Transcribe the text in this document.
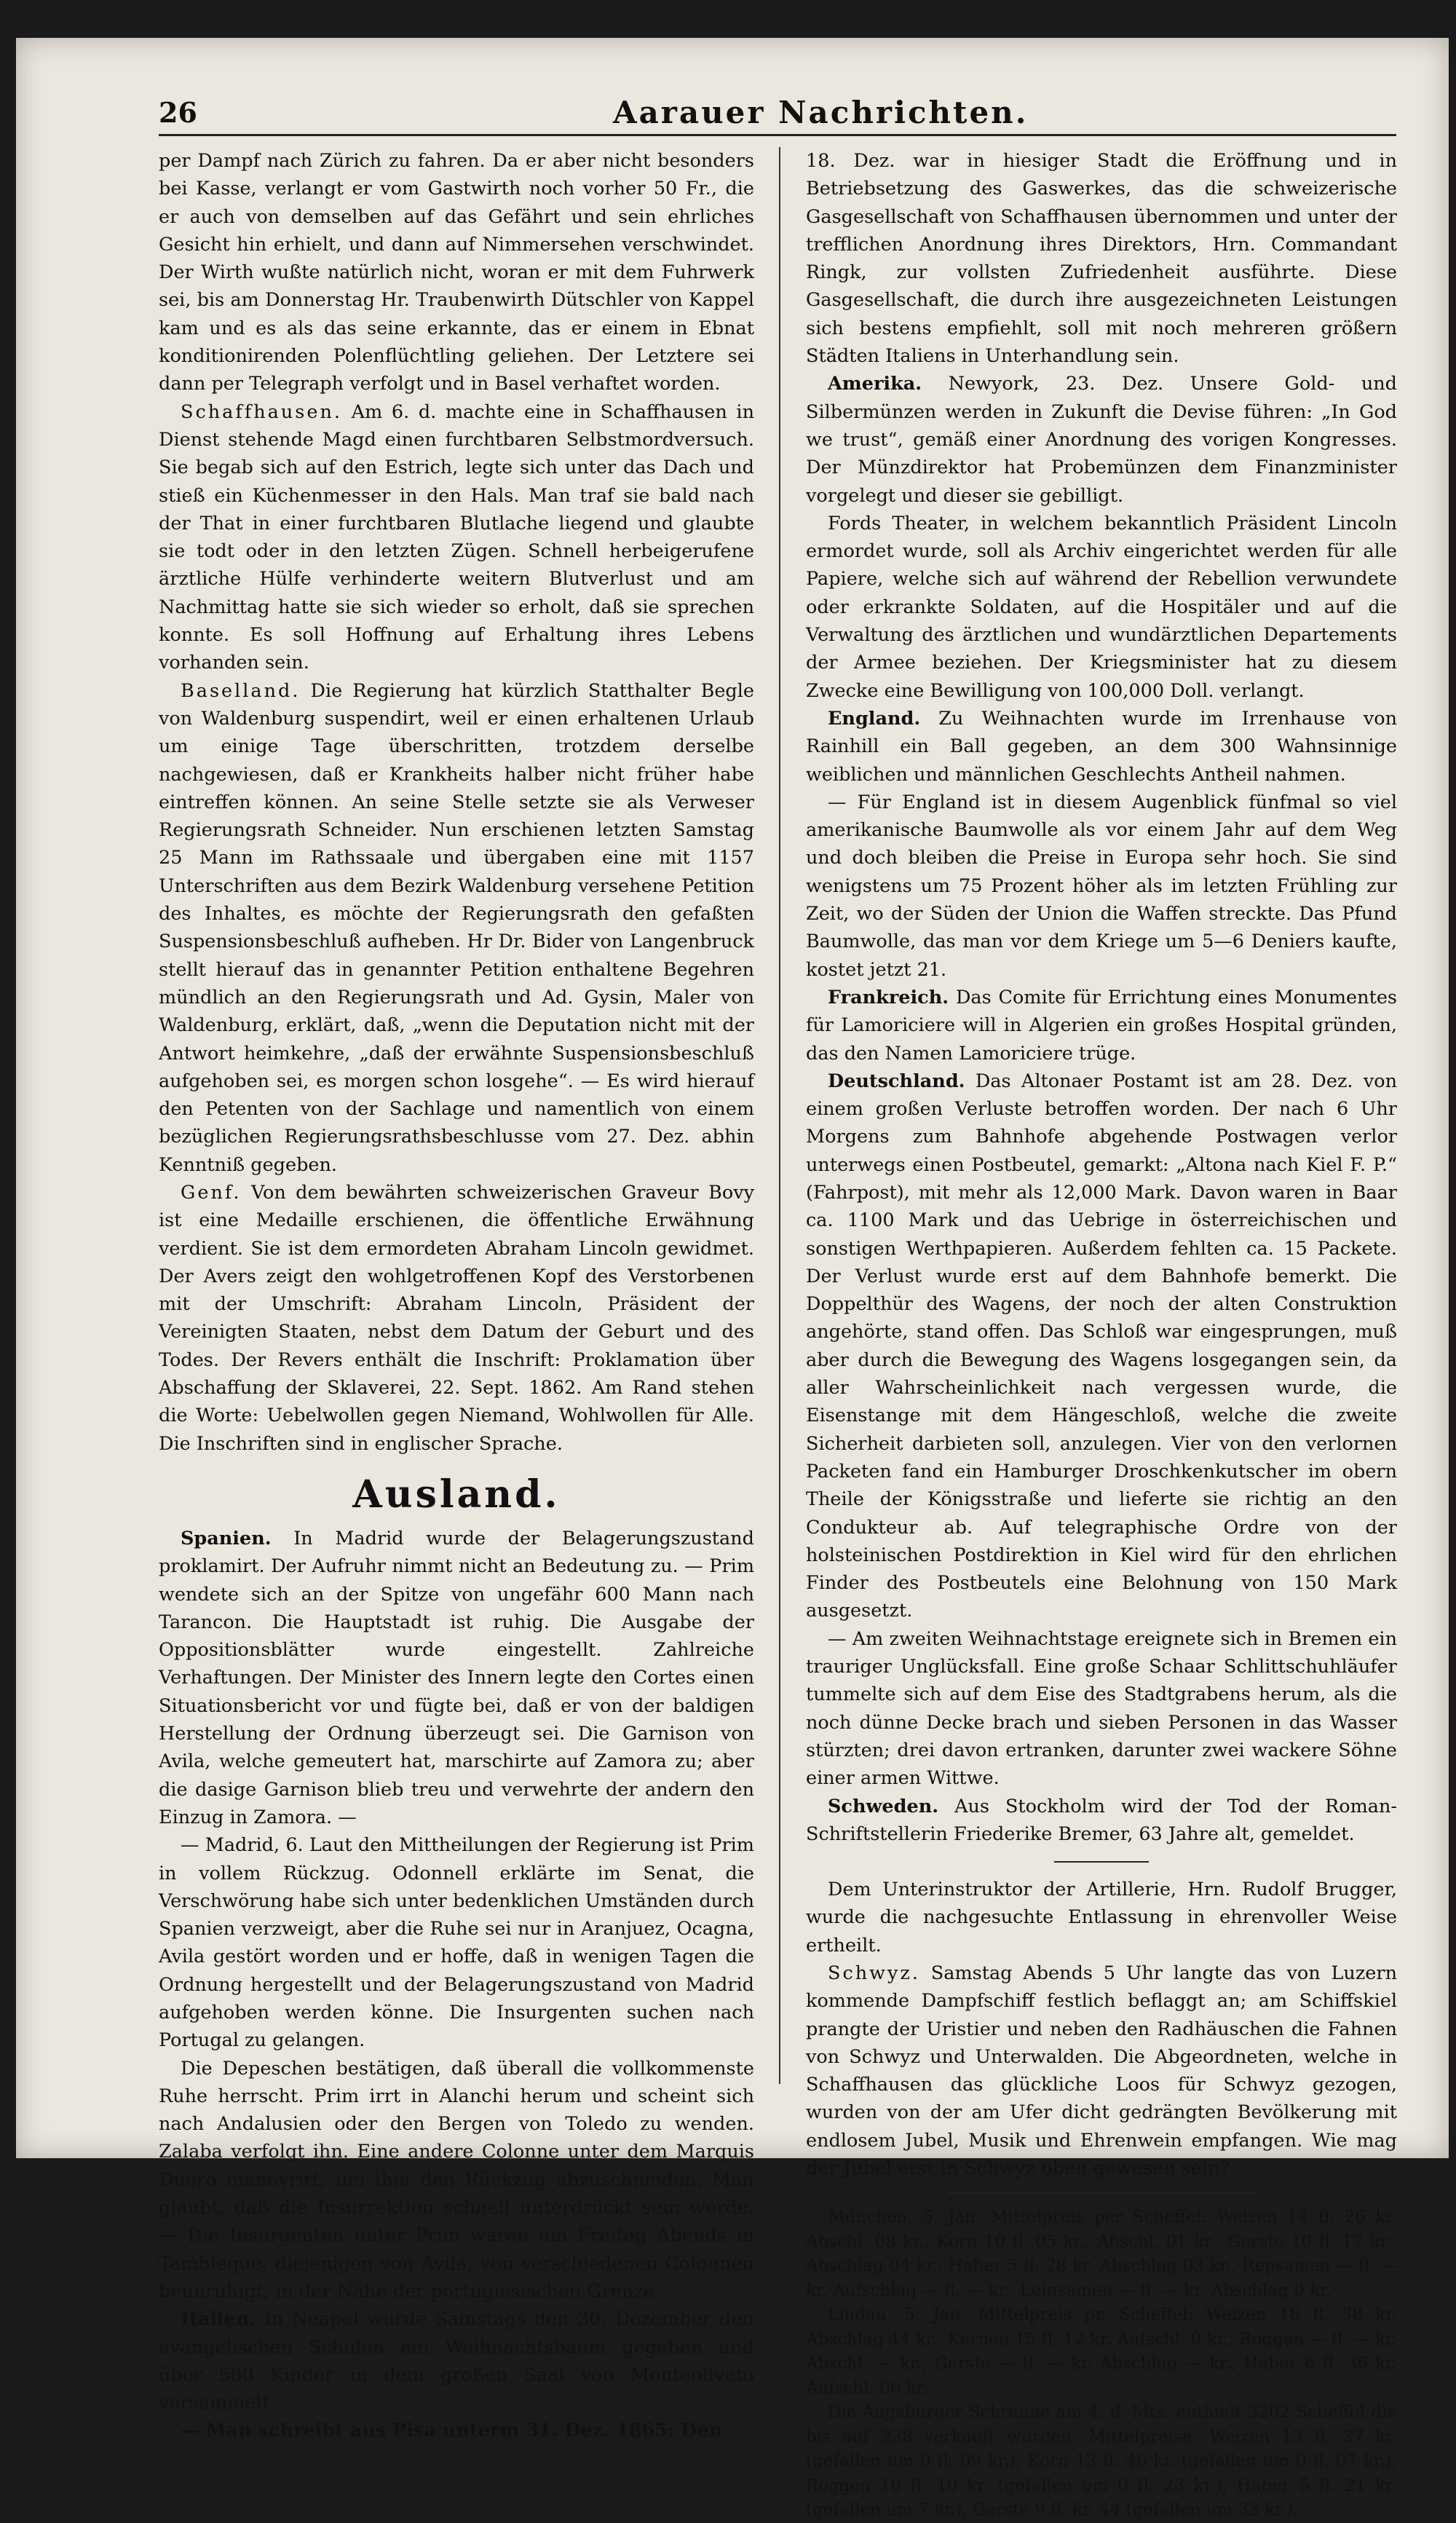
26	Aarauer Nachrichten.

per Dampf nach Zürich zu fahren. Da er aber nicht besonders bei Kasse, verlangt er vom Gastwirth noch vorher 50 Fr., die er auch von demselben auf das Gefährt und sein ehrliches Gesicht hin erhielt, und dann auf Nimmersehen verschwindet. Der Wirth wußte natürlich nicht, woran er mit dem Fuhrwerk sei, bis am Donnerstag Hr. Traubenwirth Dütschler von Kappel kam und es als das seine erkannte, das er einem in Ebnat konditionirenden Polenflüchtling geliehen. Der Letztere sei dann per Telegraph verfolgt und in Basel verhaftet worden.

Schaffhausen. Am 6. d. machte eine in Schaffhausen in Dienst stehende Magd einen furchtbaren Selbstmordversuch. Sie begab sich auf den Estrich, legte sich unter das Dach und stieß ein Küchenmesser in den Hals. Man traf sie bald nach der That in einer furchtbaren Blutlache liegend und glaubte sie todt oder in den letzten Zügen. Schnell herbeigerufene ärztliche Hülfe verhinderte weitern Blutverlust und am Nachmittag hatte sie sich wieder so erholt, daß sie sprechen konnte. Es soll Hoffnung auf Erhaltung ihres Lebens vorhanden sein.

Baselland. Die Regierung hat kürzlich Statthalter Begle von Waldenburg suspendirt, weil er einen erhaltenen Urlaub um einige Tage überschritten, trotzdem derselbe nachgewiesen, daß er Krankheits halber nicht früher habe eintreffen können. An seine Stelle setzte sie als Verweser Regierungsrath Schneider. Nun erschienen letzten Samstag 25 Mann im Rathssaale und übergaben eine mit 1157 Unterschriften aus dem Bezirk Waldenburg versehene Petition des Inhaltes, es möchte der Regierungsrath den gefaßten Suspensionsbeschluß aufheben. Hr Dr. Bider von Langenbruck stellt hierauf das in genannter Petition enthaltene Begehren mündlich an den Regierungsrath und Ad. Gysin, Maler von Waldenburg, erklärt, daß, „wenn die Deputation nicht mit der Antwort heimkehre, „daß der erwähnte Suspensionsbeschluß aufgehoben sei, es morgen schon losgehe“. — Es wird hierauf den Petenten von der Sachlage und namentlich von einem bezüglichen Regierungsrathsbeschlusse vom 27. Dez. abhin Kenntniß gegeben.

Genf. Von dem bewährten schweizerischen Graveur Bovy ist eine Medaille erschienen, die öffentliche Erwähnung verdient. Sie ist dem ermordeten Abraham Lincoln gewidmet. Der Avers zeigt den wohlgetroffenen Kopf des Verstorbenen mit der Umschrift: Abraham Lincoln, Präsident der Vereinigten Staaten, nebst dem Datum der Geburt und des Todes. Der Revers enthält die Inschrift: Proklamation über Abschaffung der Sklaverei, 22. Sept. 1862. Am Rand stehen die Worte: Uebelwollen gegen Niemand, Wohlwollen für Alle. Die Inschriften sind in englischer Sprache.

Ausland.

Spanien. In Madrid wurde der Belagerungszustand proklamirt. Der Aufruhr nimmt nicht an Bedeutung zu. — Prim wendete sich an der Spitze von ungefähr 600 Mann nach Tarancon. Die Hauptstadt ist ruhig. Die Ausgabe der Oppositionsblätter wurde eingestellt. Zahlreiche Verhaftungen. Der Minister des Innern legte den Cortes einen Situationsbericht vor und fügte bei, daß er von der baldigen Herstellung der Ordnung überzeugt sei. Die Garnison von Avila, welche gemeutert hat, marschirte auf Zamora zu; aber die dasige Garnison blieb treu und verwehrte der andern den Einzug in Zamora. —

— Madrid, 6. Laut den Mittheilungen der Regierung ist Prim in vollem Rückzug. Odonnell erklärte im Senat, die Verschwörung habe sich unter bedenklichen Umständen durch Spanien verzweigt, aber die Ruhe sei nur in Aranjuez, Ocagna, Avila gestört worden und er hoffe, daß in wenigen Tagen die Ordnung hergestellt und der Belagerungszustand von Madrid aufgehoben werden könne. Die Insurgenten suchen nach Portugal zu gelangen.

Die Depeschen bestätigen, daß überall die vollkommenste Ruhe herrscht. Prim irrt in Alanchi herum und scheint sich nach Andalusien oder den Bergen von Toledo zu wenden. Zalaba verfolgt ihn. Eine andere Colonne unter dem Marquis Duero manövrirt, um ihm den Rückzug abzuschneiden. Man glaubt, daß die Insurrektion schnell unterdrückt sein werde. — Die Insurgenten unter Prim waren am Freitag Abends in Tambleque, diejenigen von Avila, von verschiedenen Colonnen beunruhigt, in der Nähe der portugiesischen Grenze.

Italien. In Neapel wurde Samstags den 30. Dezember den evangelischen Schulen ein Weihnachtsbaum gegeben und über 500 Kinder in dem großen Saal von Monteoliveto versammelt.

— Man schreibt aus Pisa unterm 31. Dez. 1865: Den

18. Dez. war in hiesiger Stadt die Eröffnung und in Betriebsetzung des Gaswerkes, das die schweizerische Gasgesellschaft von Schaffhausen übernommen und unter der trefflichen Anordnung ihres Direktors, Hrn. Commandant Ringk, zur vollsten Zufriedenheit ausführte. Diese Gasgesellschaft, die durch ihre ausgezeichneten Leistungen sich bestens empfiehlt, soll mit noch mehreren größern Städten Italiens in Unterhandlung sein.

Amerika. Newyork, 23. Dez. Unsere Gold- und Silbermünzen werden in Zukunft die Devise führen: „In God we trust“, gemäß einer Anordnung des vorigen Kongresses. Der Münzdirektor hat Probemünzen dem Finanzminister vorgelegt und dieser sie gebilligt.

Fords Theater, in welchem bekanntlich Präsident Lincoln ermordet wurde, soll als Archiv eingerichtet werden für alle Papiere, welche sich auf während der Rebellion verwundete oder erkrankte Soldaten, auf die Hospitäler und auf die Verwaltung des ärztlichen und wundärztlichen Departements der Armee beziehen. Der Kriegsminister hat zu diesem Zwecke eine Bewilligung von 100,000 Doll. verlangt.

England. Zu Weihnachten wurde im Irrenhause von Rainhill ein Ball gegeben, an dem 300 Wahnsinnige weiblichen und männlichen Geschlechts Antheil nahmen.

— Für England ist in diesem Augenblick fünfmal so viel amerikanische Baumwolle als vor einem Jahr auf dem Weg und doch bleiben die Preise in Europa sehr hoch. Sie sind wenigstens um 75 Prozent höher als im letzten Frühling zur Zeit, wo der Süden der Union die Waffen streckte. Das Pfund Baumwolle, das man vor dem Kriege um 5—6 Deniers kaufte, kostet jetzt 21.

Frankreich. Das Comite für Errichtung eines Monumentes für Lamoriciere will in Algerien ein großes Hospital gründen, das den Namen Lamoriciere trüge.

Deutschland. Das Altonaer Postamt ist am 28. Dez. von einem großen Verluste betroffen worden. Der nach 6 Uhr Morgens zum Bahnhofe abgehende Postwagen verlor unterwegs einen Postbeutel, gemarkt: „Altona nach Kiel F. P.“ (Fahrpost), mit mehr als 12,000 Mark. Davon waren in Baar ca. 1100 Mark und das Uebrige in österreichischen und sonstigen Werthpapieren. Außerdem fehlten ca. 15 Packete. Der Verlust wurde erst auf dem Bahnhofe bemerkt. Die Doppelthür des Wagens, der noch der alten Construktion angehörte, stand offen. Das Schloß war eingesprungen, muß aber durch die Bewegung des Wagens losgegangen sein, da aller Wahrscheinlichkeit nach vergessen wurde, die Eisenstange mit dem Hängeschloß, welche die zweite Sicherheit darbieten soll, anzulegen. Vier von den verlornen Packeten fand ein Hamburger Droschkenkutscher im obern Theile der Königsstraße und lieferte sie richtig an den Condukteur ab. Auf telegraphische Ordre von der holsteinischen Postdirektion in Kiel wird für den ehrlichen Finder des Postbeutels eine Belohnung von 150 Mark ausgesetzt.

— Am zweiten Weihnachtstage ereignete sich in Bremen ein trauriger Unglücksfall. Eine große Schaar Schlittschuhläufer tummelte sich auf dem Eise des Stadtgrabens herum, als die noch dünne Decke brach und sieben Personen in das Wasser stürzten; drei davon ertranken, darunter zwei wackere Söhne einer armen Wittwe.

Schweden. Aus Stockholm wird der Tod der Roman-Schriftstellerin Friederike Bremer, 63 Jahre alt, gemeldet.

Dem Unterinstruktor der Artillerie, Hrn. Rudolf Brugger, wurde die nachgesuchte Entlassung in ehrenvoller Weise ertheilt.

Schwyz. Samstag Abends 5 Uhr langte das von Luzern kommende Dampfschiff festlich beflaggt an; am Schiffskiel prangte der Uristier und neben den Radhäuschen die Fahnen von Schwyz und Unterwalden. Die Abgeordneten, welche in Schaffhausen das glückliche Loos für Schwyz gezogen, wurden von der am Ufer dicht gedrängten Bevölkerung mit endlosem Jubel, Musik und Ehrenwein empfangen. Wie mag der Jubel erst in Schwyz oben gewesen sein?

München, 5. Jan. Mittelpreis per Scheffel: Weizen 14 fl. 26 kr. Abschl. 08 kr., Korn 10 fl. 05 kr., Abschl. 01 kr., Gerste 10 fl. 17 kr., Abschlag 04 kr., Haber 5 fl. 28 kr. Abschlag 03 kr., Repsamen — fl. — kr. Aufschlag — fl. — kr., Leinsamen — fl. — kr. Abschlag 0 kr.

Lindau, 5. Jan. Mittelpreis pr. Scheffel: Weizen 16 fl. 38 kr. Abschlag 44 kr., Kernen 15 fl. 12 kr. Aufschl. 0 kr., Roggen — fl. — kr. Abschl. — kr., Gerste — fl. — kr. Abschlag — kr., Haber 6 fl. 36 kr. Aufschl. 06 kr.

Die Augsburger Schranne am 4. d. Mts. enthielt 3202 Scheffel die bis auf 238 verkauft wurden. Mittelpreise: Weizen 13 fl. 37 kr. (gefallen um 0 fl. 09 kr.), Korn 13 fl. 46 kr. (gefallen um 0 fl. 07 kr.), Roggen 10 fl. 10 kr. (gefallen um 0 fl. 23 kr.), Haber 5 fl. 21 kr. (gefallen um 7 kr.), Gerste 9 fl. kr. 44 (gefallen um 33 kr.).
